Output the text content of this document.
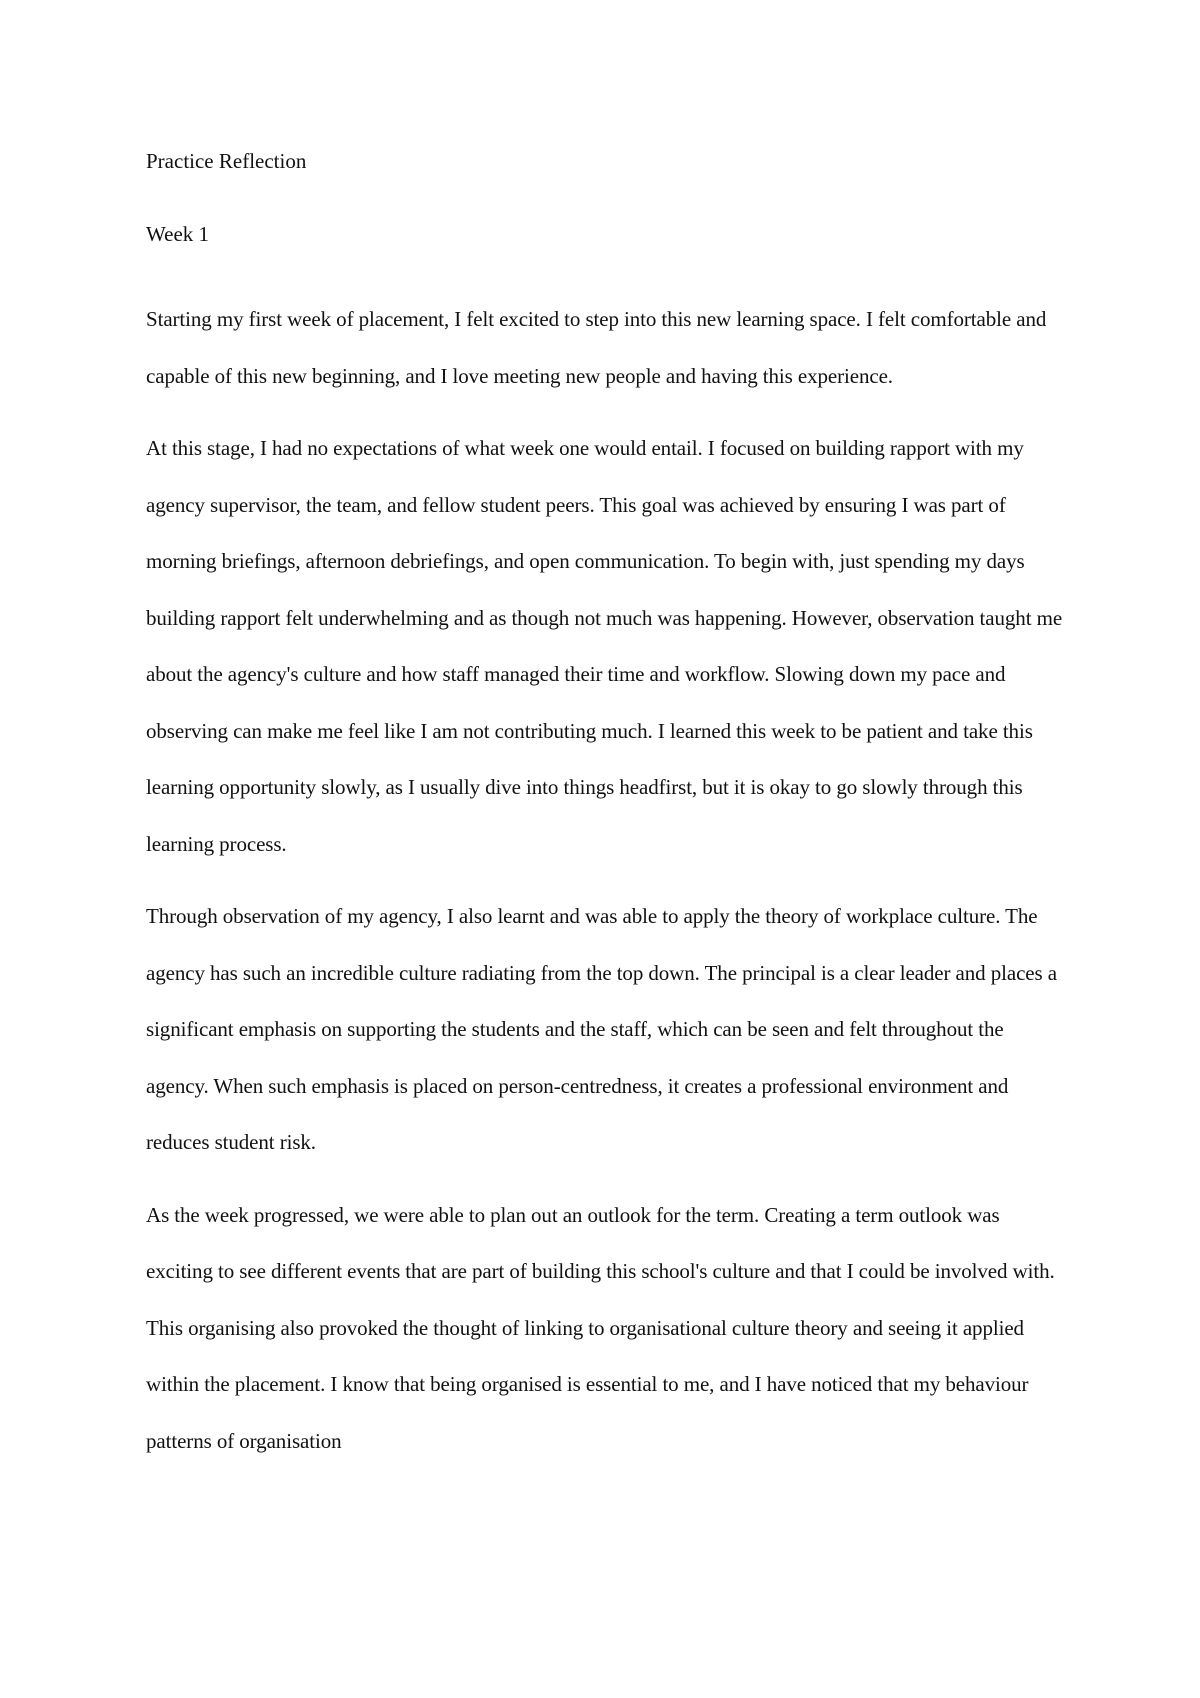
Practice Reflection

Week 1

Starting my first week of placement, I felt excited to step into this new learning space. I felt comfortable and capable of this new beginning, and I love meeting new people and having this experience.

At this stage, I had no expectations of what week one would entail. I focused on building rapport with my agency supervisor, the team, and fellow student peers. This goal was achieved by ensuring I was part of morning briefings, afternoon debriefings, and open communication. To begin with, just spending my days building rapport felt underwhelming and as though not much was happening. However, observation taught me about the agency's culture and how staff managed their time and workflow. Slowing down my pace and observing can make me feel like I am not contributing much. I learned this week to be patient and take this learning opportunity slowly, as I usually dive into things headfirst, but it is okay to go slowly through this learning process.

Through observation of my agency, I also learnt and was able to apply the theory of workplace culture. The agency has such an incredible culture radiating from the top down. The principal is a clear leader and places a significant emphasis on supporting the students and the staff, which can be seen and felt throughout the agency. When such emphasis is placed on person-centredness, it creates a professional environment and reduces student risk.

As the week progressed, we were able to plan out an outlook for the term. Creating a term outlook was exciting to see different events that are part of building this school's culture and that I could be involved with. This organising also provoked the thought of linking to organisational culture theory and seeing it applied within the placement. I know that being organised is essential to me, and I have noticed that my behaviour patterns of organisation
